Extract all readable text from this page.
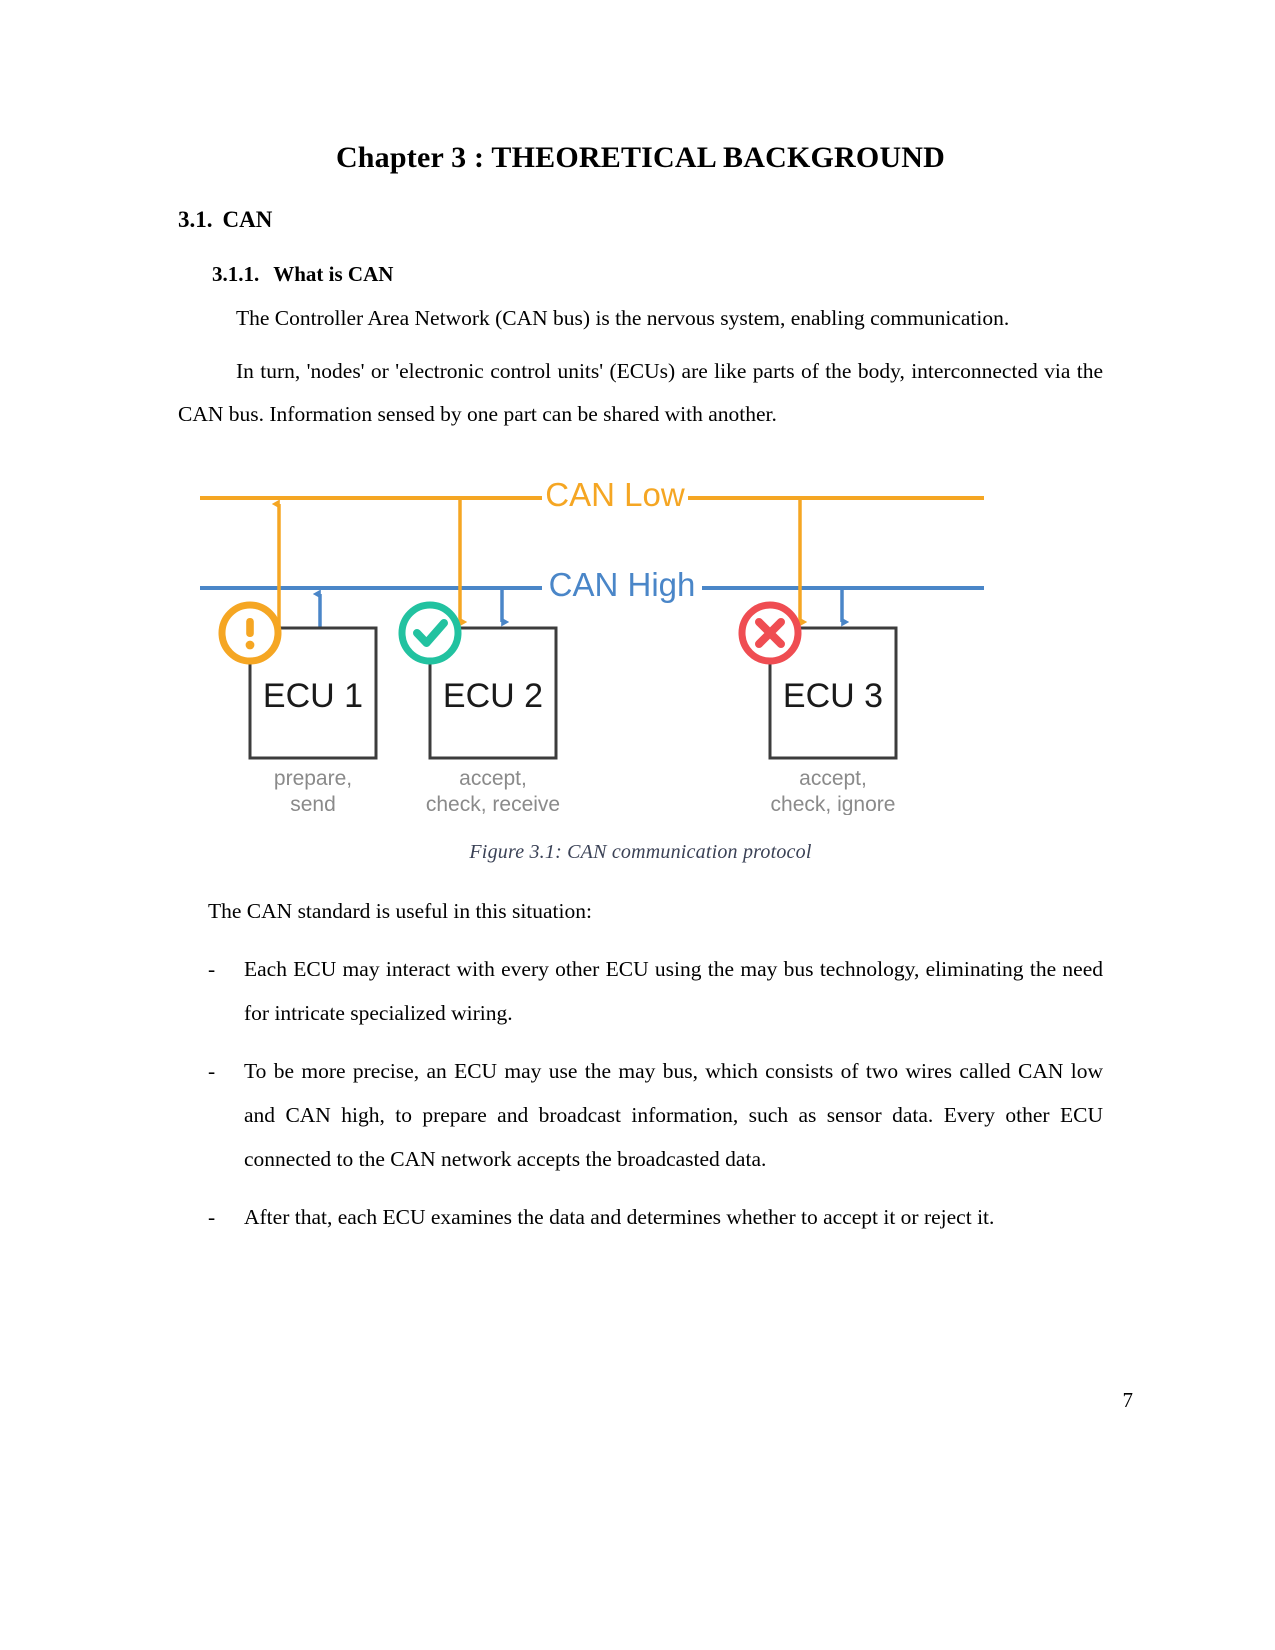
Chapter 3 : THEORETICAL BACKGROUND
3.1. CAN
3.1.1. What is CAN

The Controller Area Network (CAN bus) is the nervous system, enabling communication.

In turn, 'nodes' or 'electronic control units' (ECUs) are like parts of the body, interconnected via the CAN bus. Information sensed by one part can be shared with another.

CAN Low
CAN High
ECU 1 ECU 2	ECU 3
prepare,
send
accept,
check, receive
accept,
check, ignore
Figure 3.1: CAN communication protocol

The CAN standard is useful in this situation:

-	Each ECU may interact with every other ECU using the may bus technology, eliminating the need for intricate specialized wiring.
-	To be more precise, an ECU may use the may bus, which consists of two wires called CAN low and CAN high, to prepare and broadcast information, such as sensor data. Every other ECU connected to the CAN network accepts the broadcasted data.
-	After that, each ECU examines the data and determines whether to accept it or reject it.
7
